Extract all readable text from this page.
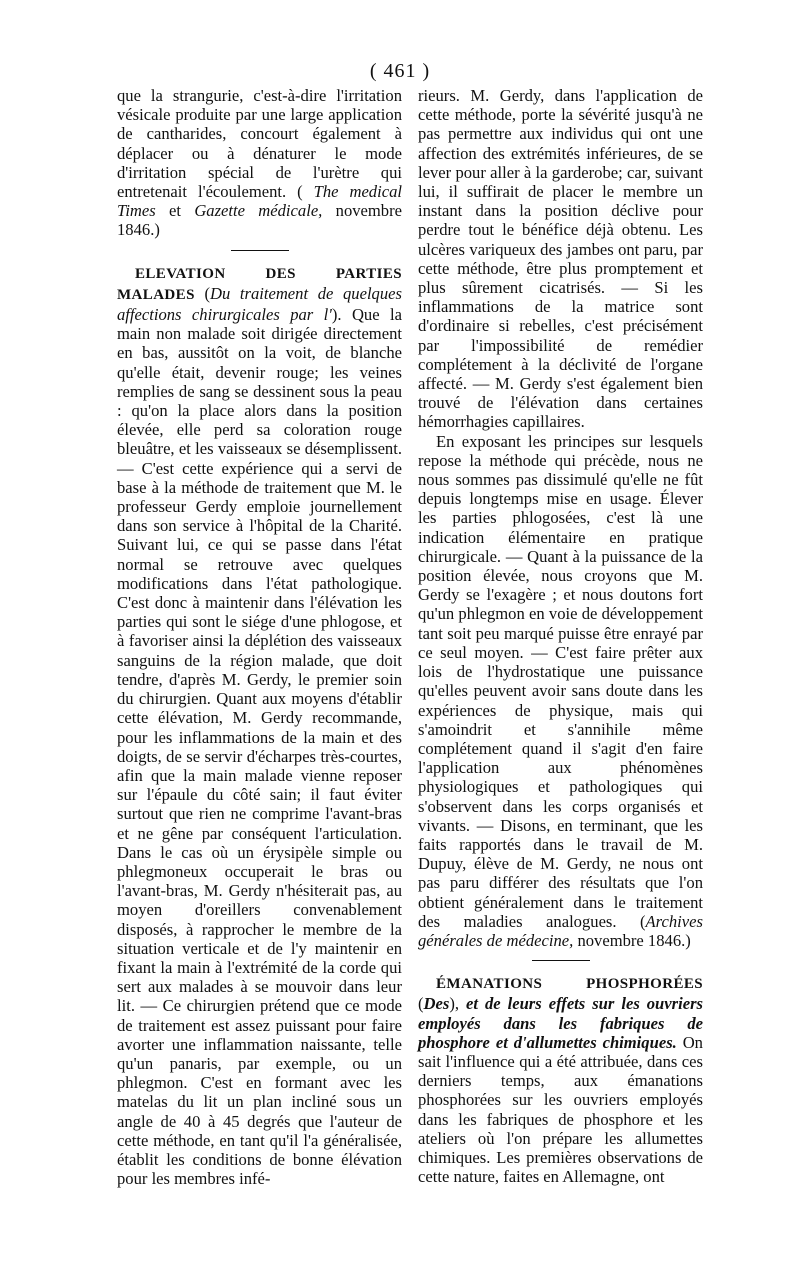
( 461 )

que la strangurie, c'est-à-dire l'irritation vésicale produite par une large application de cantharides, concourt également à déplacer ou à dénaturer le mode d'irritation spécial de l'urètre qui entretenait l'écoulement. ( The medical Times et Gazette médicale, novembre 1846.)

ELEVATION DES PARTIES MALADES (Du traitement de quelques affections chirurgicales par l'). Que la main non malade soit dirigée directement en bas, aussitôt on la voit, de blanche qu'elle était, devenir rouge; les veines remplies de sang se dessinent sous la peau : qu'on la place alors dans la position élevée, elle perd sa coloration rouge bleuâtre, et les vaisseaux se désemplissent. — C'est cette expérience qui a servi de base à la méthode de traitement que M. le professeur Gerdy emploie journellement dans son service à l'hôpital de la Charité. Suivant lui, ce qui se passe dans l'état normal se retrouve avec quelques modifications dans l'état pathologique. C'est donc à maintenir dans l'élévation les parties qui sont le siége d'une phlogose, et à favoriser ainsi la déplétion des vaisseaux sanguins de la région malade, que doit tendre, d'après M. Gerdy, le premier soin du chirurgien. Quant aux moyens d'établir cette élévation, M. Gerdy recommande, pour les inflammations de la main et des doigts, de se servir d'écharpes très-courtes, afin que la main malade vienne reposer sur l'épaule du côté sain; il faut éviter surtout que rien ne comprime l'avant-bras et ne gêne par conséquent l'articulation. Dans le cas où un érysipèle simple ou phlegmoneux occuperait le bras ou l'avant-bras, M. Gerdy n'hésiterait pas, au moyen d'oreillers convenablement disposés, à rapprocher le membre de la situation verticale et de l'y maintenir en fixant la main à l'extrémité de la corde qui sert aux malades à se mouvoir dans leur lit. — Ce chirurgien prétend que ce mode de traitement est assez puissant pour faire avorter une inflammation naissante, telle qu'un panaris, par exemple, ou un phlegmon. C'est en formant avec les matelas du lit un plan incliné sous un angle de 40 à 45 degrés que l'auteur de cette méthode, en tant qu'il l'a généralisée, établit les conditions de bonne élévation pour les membres infé-

rieurs. M. Gerdy, dans l'application de cette méthode, porte la sévérité jusqu'à ne pas permettre aux individus qui ont une affection des extrémités inférieures, de se lever pour aller à la garderobe; car, suivant lui, il suffirait de placer le membre un instant dans la position déclive pour perdre tout le bénéfice déjà obtenu. Les ulcères variqueux des jambes ont paru, par cette méthode, être plus promptement et plus sûrement cicatrisés. — Si les inflammations de la matrice sont d'ordinaire si rebelles, c'est précisément par l'impossibilité de remédier complétement à la déclivité de l'organe affecté. — M. Gerdy s'est également bien trouvé de l'élévation dans certaines hémorrhagies capillaires.

En exposant les principes sur lesquels repose la méthode qui précède, nous ne nous sommes pas dissimulé qu'elle ne fût depuis longtemps mise en usage. Élever les parties phlogosées, c'est là une indication élémentaire en pratique chirurgicale. — Quant à la puissance de la position élevée, nous croyons que M. Gerdy se l'exagère ; et nous doutons fort qu'un phlegmon en voie de développement tant soit peu marqué puisse être enrayé par ce seul moyen. — C'est faire prêter aux lois de l'hydrostatique une puissance qu'elles peuvent avoir sans doute dans les expériences de physique, mais qui s'amoindrit et s'annihile même complétement quand il s'agit d'en faire l'application aux phénomènes physiologiques et pathologiques qui s'observent dans les corps organisés et vivants. — Disons, en terminant, que les faits rapportés dans le travail de M. Dupuy, élève de M. Gerdy, ne nous ont pas paru différer des résultats que l'on obtient généralement dans le traitement des maladies analogues. (Archives générales de médecine, novembre 1846.)

ÉMANATIONS PHOSPHORÉES (Des), et de leurs effets sur les ouvriers employés dans les fabriques de phosphore et d'allumettes chimiques. On sait l'influence qui a été attribuée, dans ces derniers temps, aux émanations phosphorées sur les ouvriers employés dans les fabriques de phosphore et les ateliers où l'on prépare les allumettes chimiques. Les premières observations de cette nature, faites en Allemagne, ont
